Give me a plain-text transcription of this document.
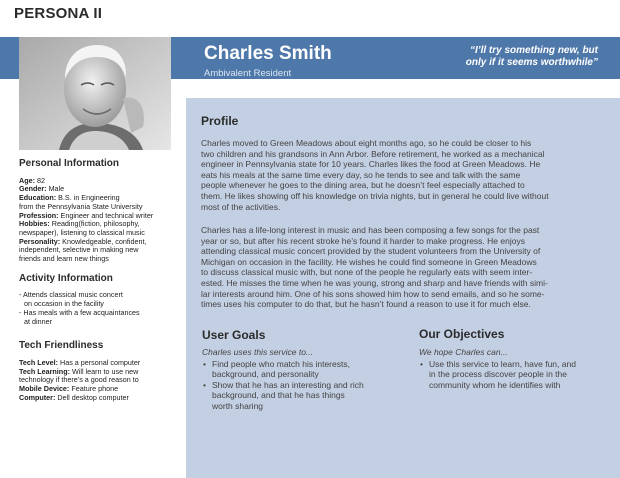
PERSONA II
Charles Smith
Ambivalent Resident
“I’ll try something new, but
only if it seems worthwhile”
Personal Information
Age: 82
Gender: Male
Education: B.S. in Engineering
from the Pennsylvania State University
Profession: Engineer and technical writer
Hobbies: Reading(fiction, philosophy,
newspaper), listening to classical music
Personality: Knowledgeable, confident,
independent, selective in making new
friends and learn new things
Activity Information
- Attends classical music concert
on occasion in the facility
- Has meals with a few acquaintances
at dinner
Tech Friendliness
Tech Level: Has a personal computer
Tech Learning: Will learn to use new
technology if there’s a good reason to
Mobile Device: Feature phone
Computer: Dell desktop computer
Profile
Charles moved to Green Meadows about eight months ago, so he could be closer to his
two children and his grandsons in Ann Arbor. Before retirement, he worked as a mechanical
engineer in Pennsylvania state for 10 years. Charles likes the food at Green Meadows. He
eats his meals at the same time every day, so he tends to see and talk with the same
people whenever he goes to the dining area, but he doesn’t feel especially attached to
them. He likes showing off his knowledge on trivia nights, but in general he could live without
most of the activities.
Charles has a life-long interest in music and has been composing a few songs for the past
year or so, but after his recent stroke he’s found it harder to make progress. He enjoys
attending classical music concert provided by the student volunteers from the University of
Michigan on occasion in the facility. He wishes he could find someone in Green Meadows
to discuss classical music with, but none of the people he regularly eats with seem inter-
ested. He misses the time when he was young, strong and sharp and have friends with simi-
lar interests around him. One of his sons showed him how to send emails, and so he some-
times uses his computer to do that, but he hasn’t found a reason to use it for much else.
User Goals	Our Objectives
Charles uses this service to...
• Find people who match his interests,
background, and personality
• Show that he has an interesting and rich
background, and that he has things
worth sharing
We hope Charles can...
• Use this service to learn, have fun, and
in the process discover people in the
community whom he identifies with
